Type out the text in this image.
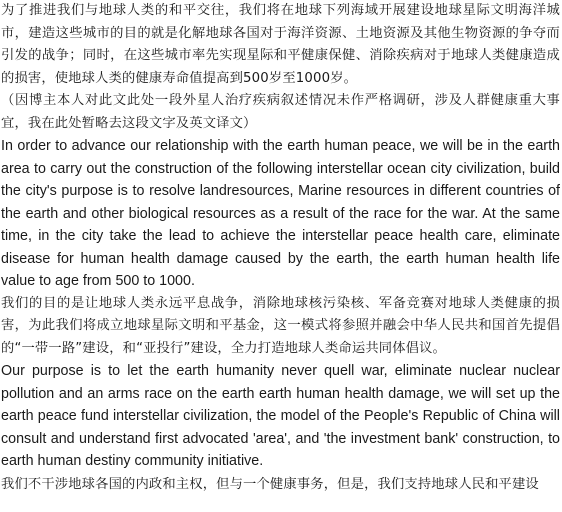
为了推进我们与地球人类的和平交往，我们将在地球下列海域开展建设地球星际文明海洋城市，建造这些城市的目的就是化解地球各国对于海洋资源、土地资源及其他生物资源的争夺而引发的战争；同时，在这些城市率先实现星际和平健康保健、消除疾病对于地球人类健康造成的损害，使地球人类的健康寿命值提高到500岁至1000岁。

（因博主本人对此文此处一段外星人治疗疾病叙述情况未作严格调研，涉及人群健康重大事宜，我在此处暂略去这段文字及英文译文）

In order to advance our relationship with the earth human peace, we will be in the earth area to carry out the construction of the following interstellar ocean city civilization, build the city's purpose is to resolve landresources, Marine resources in different countries of the earth and other biological resources as a result of the race for the war. At the same time, in the city take the lead to achieve the interstellar peace health care, eliminate disease for human health damage caused by the earth, the earth human health life value to age from 500 to 1000.

我们的目的是让地球人类永远平息战争，消除地球核污染核、军备竞赛对地球人类健康的损害，为此我们将成立地球星际文明和平基金，这一模式将参照并融会中华人民共和国首先提倡的“一带一路”建设，和“亚投行”建设，全力打造地球人类命运共同体倡议。

Our purpose is to let the earth humanity never quell war, eliminate nuclear nuclear pollution and an arms race on the earth earth human health damage, we will set up the earth peace fund interstellar civilization, the model of the People's Republic of China will consult and understand first advocated 'area', and 'the investment bank' construction, to earth human destiny community initiative.

我们不干涉地球各国的内政和主权，但与一个健康事务，但是，我们支持地球人民和平建设
